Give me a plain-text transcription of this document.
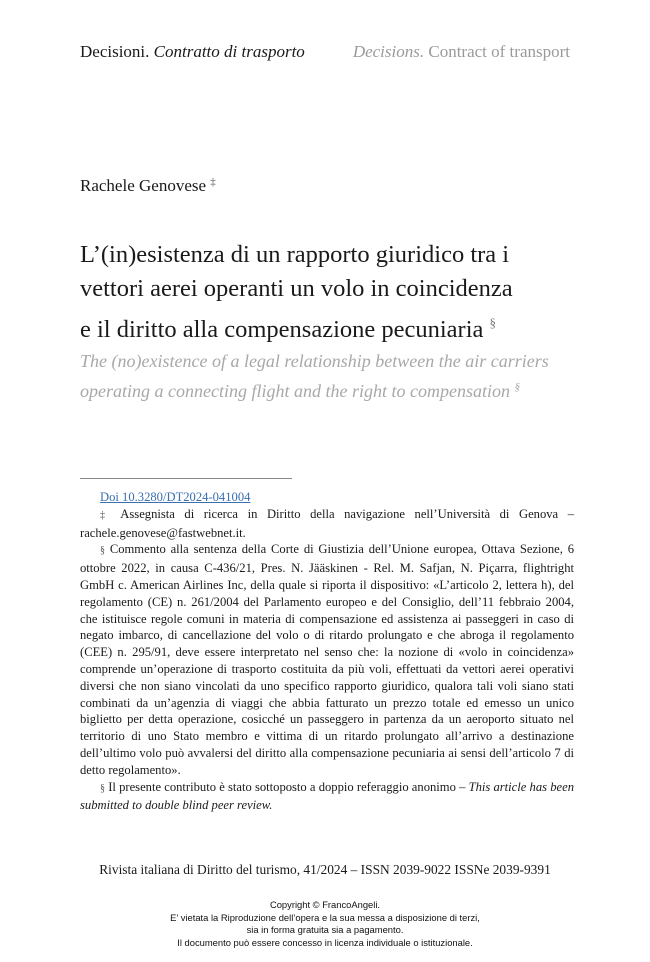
Decisioni. Contratto di trasporto	Decisions. Contract of transport
Rachele Genovese ‡
L’(in)esistenza di un rapporto giuridico tra i
vettori aerei operanti un volo in coincidenza
e il diritto alla compensazione pecuniaria §
The (no)existence of a legal relationship between the air carriers
operating a connecting flight and the right to compensation §

Doi 10.3280/DT2024-041004

‡ Assegnista di ricerca in Diritto della navigazione nell’Università di Genova – rachele.genovese@fastwebnet.it.

§ Commento alla sentenza della Corte di Giustizia dell’Unione europea, Ottava Sezione, 6 ottobre 2022, in causa C-436/21, Pres. N. Jääskinen - Rel. M. Safjan, N. Piçarra, flightright GmbH c. American Airlines Inc, della quale si riporta il dispositivo: «L’articolo 2, lettera h), del regolamento (CE) n. 261/2004 del Parlamento europeo e del Consiglio, dell’11 febbraio 2004, che istituisce regole comuni in materia di compensazione ed assistenza ai passeggeri in caso di negato imbarco, di cancellazione del volo o di ritardo prolungato e che abroga il regolamento (CEE) n. 295/91, deve essere interpretato nel senso che: la nozione di «volo in coincidenza» comprende un’operazione di trasporto costituita da più voli, effettuati da vettori aerei operativi diversi che non siano vincolati da uno specifico rapporto giuridico, qualora tali voli siano stati combinati da un’agenzia di viaggi che abbia fatturato un prezzo totale ed emesso un unico biglietto per detta operazione, cosicché un passeggero in partenza da un aeroporto situato nel territorio di uno Stato membro e vittima di un ritardo prolungato all’arrivo a destinazione dell’ultimo volo può avvalersi del diritto alla compensazione pecuniaria ai sensi dell’articolo 7 di detto regolamento».

§ Il presente contributo è stato sottoposto a doppio referaggio anonimo – This article has been submitted to double blind peer review.

Rivista italiana di Diritto del turismo, 41/2024 – ISSN 2039-9022 ISSNe 2039-9391
Copyright © FrancoAngeli.
E’ vietata la Riproduzione dell’opera e la sua messa a disposizione di terzi,
sia in forma gratuita sia a pagamento.
Il documento può essere concesso in licenza individuale o istituzionale.
